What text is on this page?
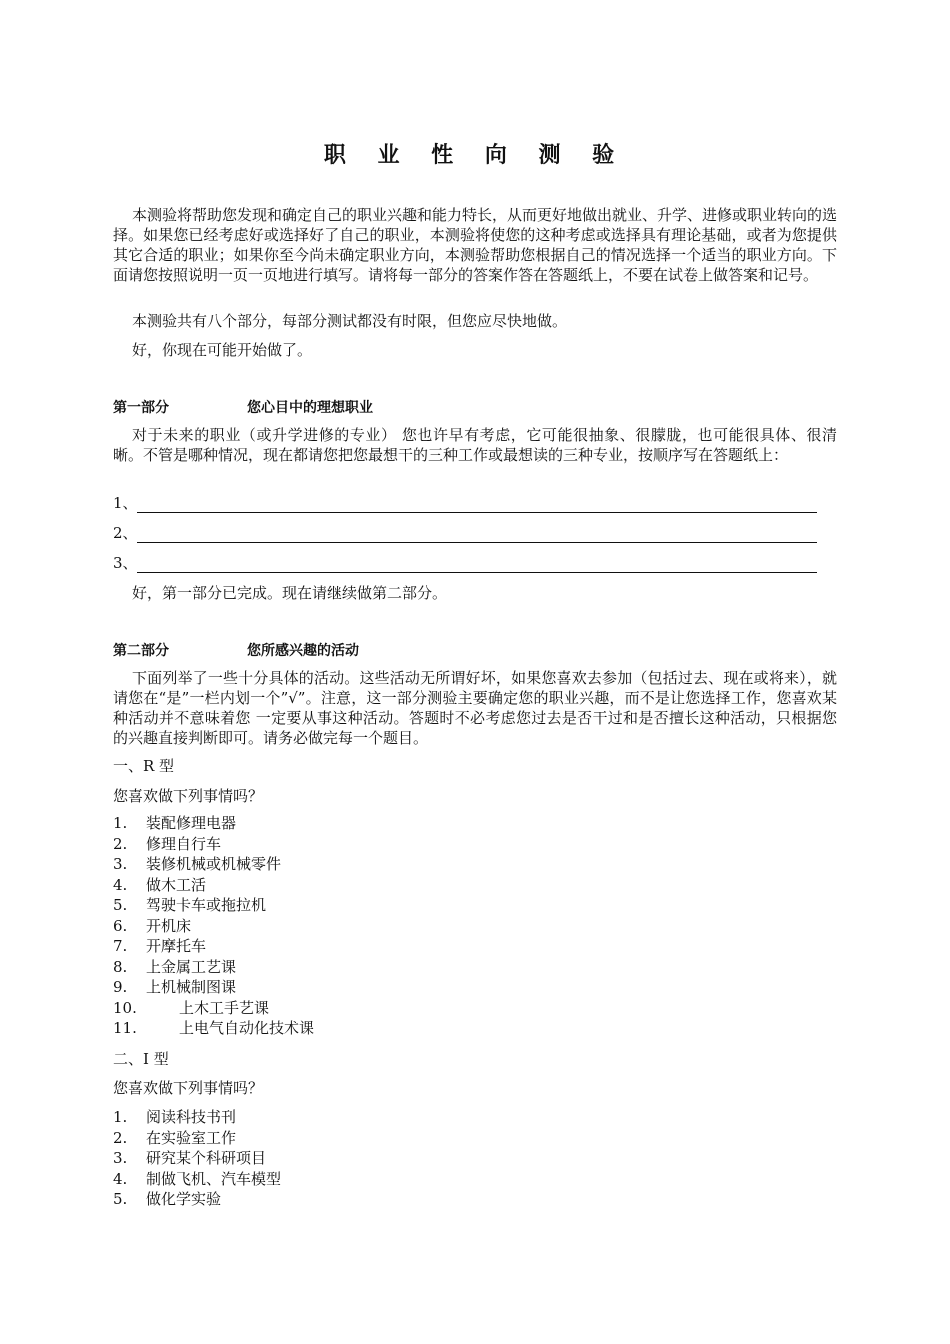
职 业 性 向 测 验

本测验将帮助您发现和确定自己的职业兴趣和能力特长，从而更好地做出就业、升学、进修或职业转向的选择。如果您已经考虑好或选择好了自己的职业，本测验将使您的这种考虑或选择具有理论基础，或者为您提供其它合适的职业；如果你至今尚未确定职业方向，本测验帮助您根据自己的情况选择一个适当的职业方向。下面请您按照说明一页一页地进行填写。请将每一部分的答案作答在答题纸上，不要在试卷上做答案和记号。

本测验共有八个部分，每部分测试都没有时限，但您应尽快地做。

好，你现在可能开始做了。

第一部分	您心目中的理想职业

对于未来的职业（或升学进修的专业） 您也许早有考虑，它可能很抽象、很朦胧，也可能很具体、很清晰。不管是哪种情况，现在都请您把您最想干的三种工作或最想读的三种专业，按顺序写在答题纸上：

1、
2、
3、

好，第一部分已完成。现在请继续做第二部分。

第二部分	您所感兴趣的活动

下面列举了一些十分具体的活动。这些活动无所谓好坏，如果您喜欢去参加（包括过去、现在或将来），就请您在“是”一栏内划一个”√”。注意，这一部分测验主要确定您的职业兴趣，而不是让您选择工作，您喜欢某种活动并不意味着您 一定要从事这种活动。答题时不必考虑您过去是否干过和是否擅长这种活动，只根据您的兴趣直接判断即可。请务必做完每一个题目。

一、R 型

您喜欢做下列事情吗？

1.	装配修理电器
2.	修理自行车
3.	装修机械或机械零件
4.	做木工活
5.	驾驶卡车或拖拉机
6.	开机床
7.	开摩托车
8.	上金属工艺课
9.	上机械制图课
10.	上木工手艺课
11.	上电气自动化技术课

二、I 型

您喜欢做下列事情吗？

1.	阅读科技书刊
2.	在实验室工作
3.	研究某个科研项目
4.	制做飞机、汽车模型
5.	做化学实验
